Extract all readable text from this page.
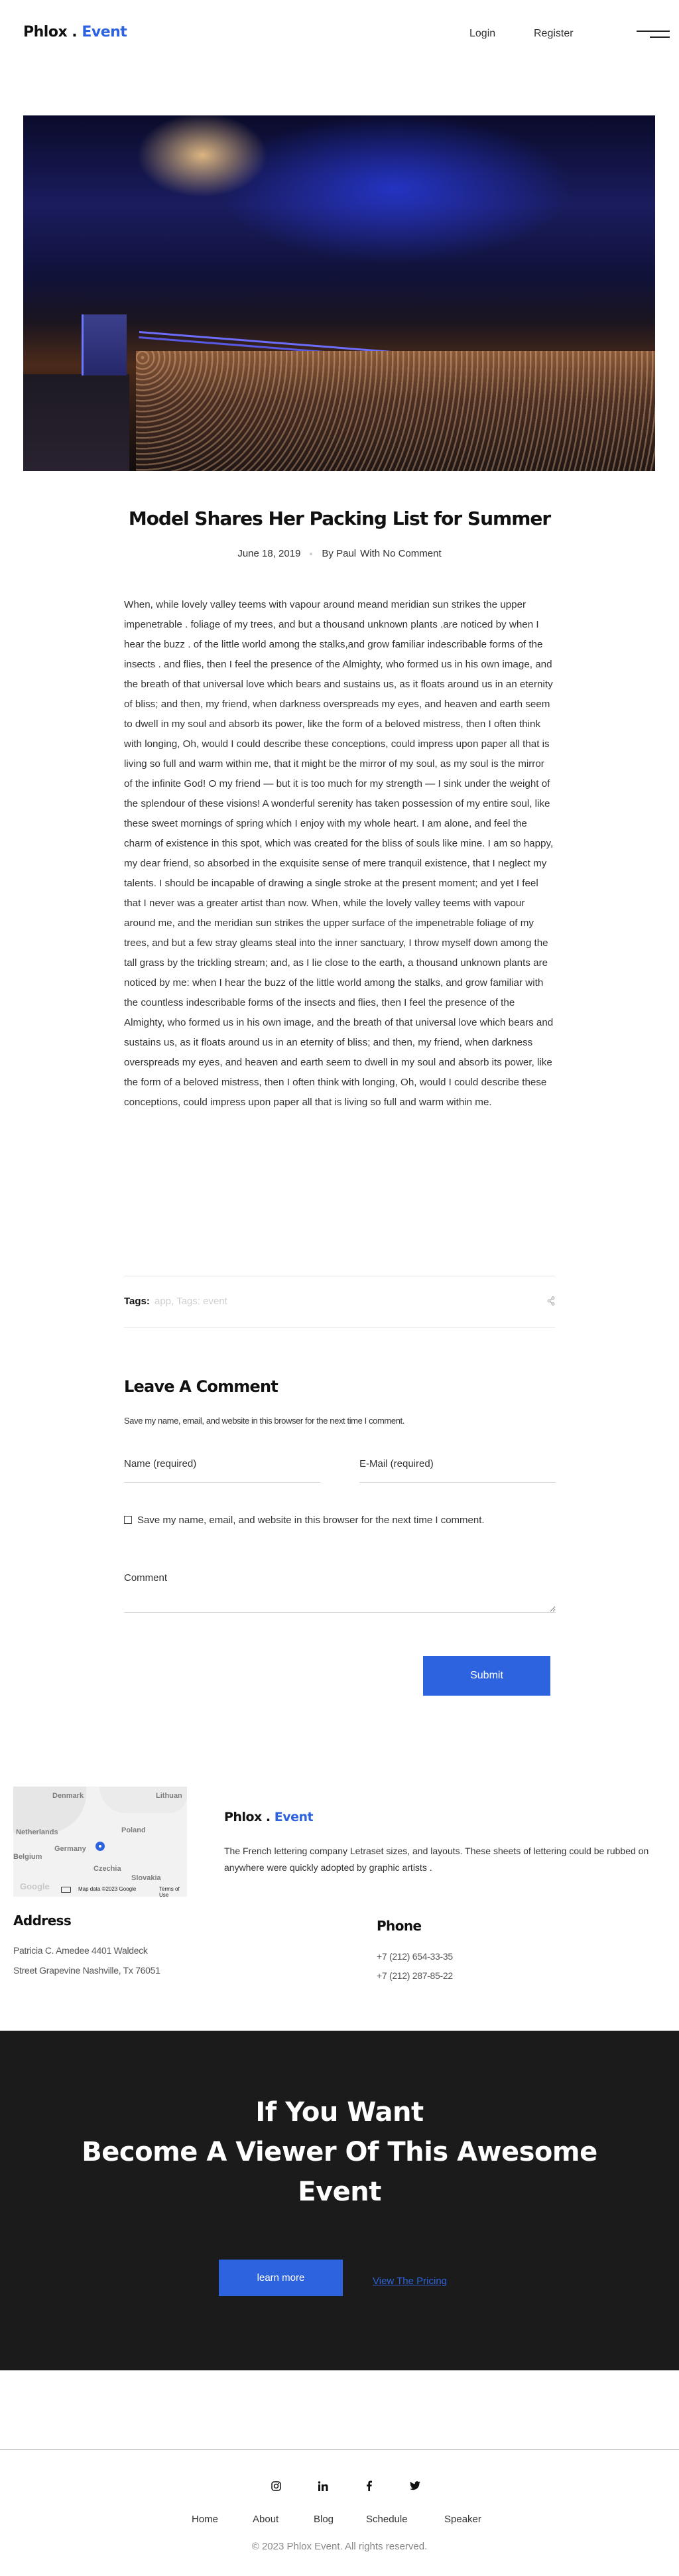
Phlox . Event	Login	Register
Model Shares Her Packing List for Summer
June 18, 2019 By Paul With No Comment

When, while lovely valley teems with vapour around meand meridian sun strikes the upper impenetrable . foliage of my trees, and but a thousand unknown plants .are noticed by when I hear the buzz . of the little world among the stalks,and grow familiar indescribable forms of the insects . and flies, then I feel the presence of the Almighty, who formed us in his own image, and the breath of that universal love which bears and sustains us, as it floats around us in an eternity of bliss; and then, my friend, when darkness overspreads my eyes, and heaven and earth seem to dwell in my soul and absorb its power, like the form of a beloved mistress, then I often think with longing, Oh, would I could describe these conceptions, could impress upon paper all that is living so full and warm within me, that it might be the mirror of my soul, as my soul is the mirror of the infinite God! O my friend — but it is too much for my strength — I sink under the weight of the splendour of these visions! A wonderful serenity has taken possession of my entire soul, like these sweet mornings of spring which I enjoy with my whole heart. I am alone, and feel the charm of existence in this spot, which was created for the bliss of souls like mine. I am so happy, my dear friend, so absorbed in the exquisite sense of mere tranquil existence, that I neglect my talents. I should be incapable of drawing a single stroke at the present moment; and yet I feel that I never was a greater artist than now. When, while the lovely valley teems with vapour around me, and the meridian sun strikes the upper surface of the impenetrable foliage of my trees, and but a few stray gleams steal into the inner sanctuary, I throw myself down among the tall grass by the trickling stream; and, as I lie close to the earth, a thousand unknown plants are noticed by me: when I hear the buzz of the little world among the stalks, and grow familiar with the countless indescribable forms of the insects and flies, then I feel the presence of the Almighty, who formed us in his own image, and the breath of that universal love which bears and sustains us, as it floats around us in an eternity of bliss; and then, my friend, when darkness overspreads my eyes, and heaven and earth seem to dwell in my soul and absorb its power, like the form of a beloved mistress, then I often think with longing, Oh, would I could describe these conceptions, could impress upon paper all that is living so full and warm within me.

Tags: app, Tags: event
Leave A Comment

Save my name, email, and website in this browser for the next time I comment.

Name (required)
E-Mail (required)
Save my name, email, and website in this browser for the next time I comment.
Comment
Submit
Denmark	Lithuan
Netherlands	Poland
Germany
Belgium
Czechia
Slovakia
Google	Map data ©2023 Google	Terms of Use
Phlox . Event

The French lettering company Letraset sizes, and layouts. These sheets of lettering could be rubbed on anywhere were quickly adopted by graphic artists .

Address

Patricia C. Amedee 4401 Waldeck

Street Grapevine Nashville, Tx 76051

Phone

+7 (212) 654-33-35

+7 (212) 287-85-22

If You Want
Become A Viewer Of This Awesome
Event
learn more	View The Pricing
Home	About	Blog	Schedule	Speaker

© 2023 Phlox Event. All rights reserved.
